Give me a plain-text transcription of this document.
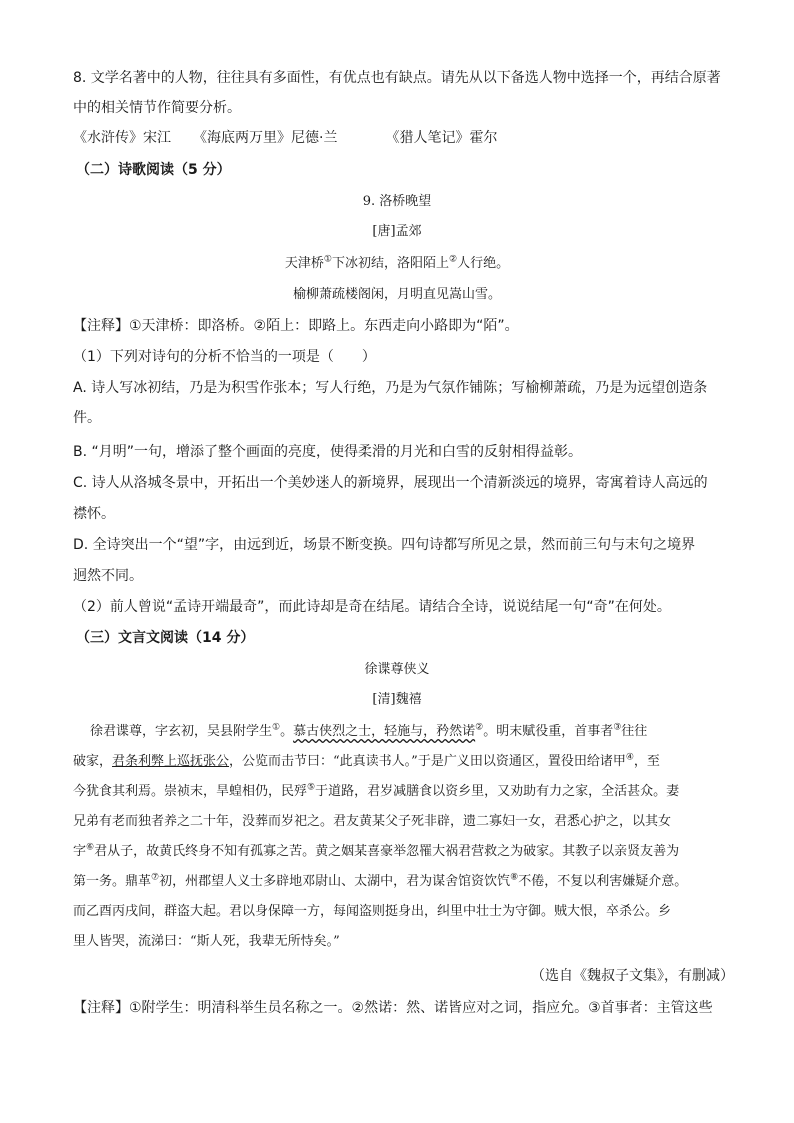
8. 文学名著中的人物，往往具有多面性，有优点也有缺点。请先从以下备选人物中选择一个，再结合原著
中的相关情节作简要分析。
《水浒传》宋江 《海底两万里》尼德·兰	《猎人笔记》霍尔
（二）诗歌阅读（5 分）
9. 洛桥晚望
[唐]孟郊
天津桥①下冰初结，洛阳陌上②人行绝。
榆柳萧疏楼阁闲，月明直见嵩山雪。
【注释】①天津桥：即洛桥。②陌上：即路上。东西走向小路即为“陌”。
（1）下列对诗句的分析不恰当的一项是（　　）
A. 诗人写冰初结，乃是为积雪作张本；写人行绝，乃是为气氛作铺陈；写榆柳萧疏，乃是为远望创造条
件。
B. “月明”一句，增添了整个画面的亮度，使得柔滑的月光和白雪的反射相得益彰。
C. 诗人从洛城冬景中，开拓出一个美妙迷人的新境界，展现出一个清新淡远的境界，寄寓着诗人高远的
襟怀。
D. 全诗突出一个“望”字，由远到近，场景不断变换。四句诗都写所见之景，然而前三句与末句之境界
迥然不同。
（2）前人曾说“孟诗开端最奇”，而此诗却是奇在结尾。请结合全诗，说说结尾一句“奇”在何处。
（三）文言文阅读（14 分）
徐谍尊侠义
[清]魏禧
徐君谍尊，字玄初，吴县附学生①。慕古侠烈之士，轻施与，矜然诺②。明末赋役重，首事者③往往
破家，君条利弊上巡抚张公，公览而击节曰：“此真读书人。”于是广义田以资通区，置役田给诸甲④，至
今犹食其利焉。崇祯末，旱蝗相仍，民殍⑤于道路，君岁减膳食以资乡里，又劝助有力之家，全活甚众。妻
兄弟有老而独者养之二十年，没葬而岁祀之。君友黄某父子死非辟，遗二寡妇一女，君悉心护之，以其女
字⑥君从子，故黄氏终身不知有孤寡之苦。黄之姻某喜豪举忽罹大祸君营救之为破家。其教子以亲贤友善为
第一务。鼎革⑦初，州郡望人义士多辟地邓尉山、太湖中，君为谋舍馆资饮饩⑧不倦，不复以利害嫌疑介意。
而乙酉丙戌间，群盗大起。君以身保障一方，每闻盗则挺身出，纠里中壮士为守御。贼大恨，卒杀公。乡
里人皆哭，流涕曰：“斯人死，我辈无所恃矣。”
（选自《魏叔子文集》，有删减）
【注释】①附学生：明清科举生员名称之一。②然诺：然、诺皆应对之词，指应允。③首事者：主管这些
